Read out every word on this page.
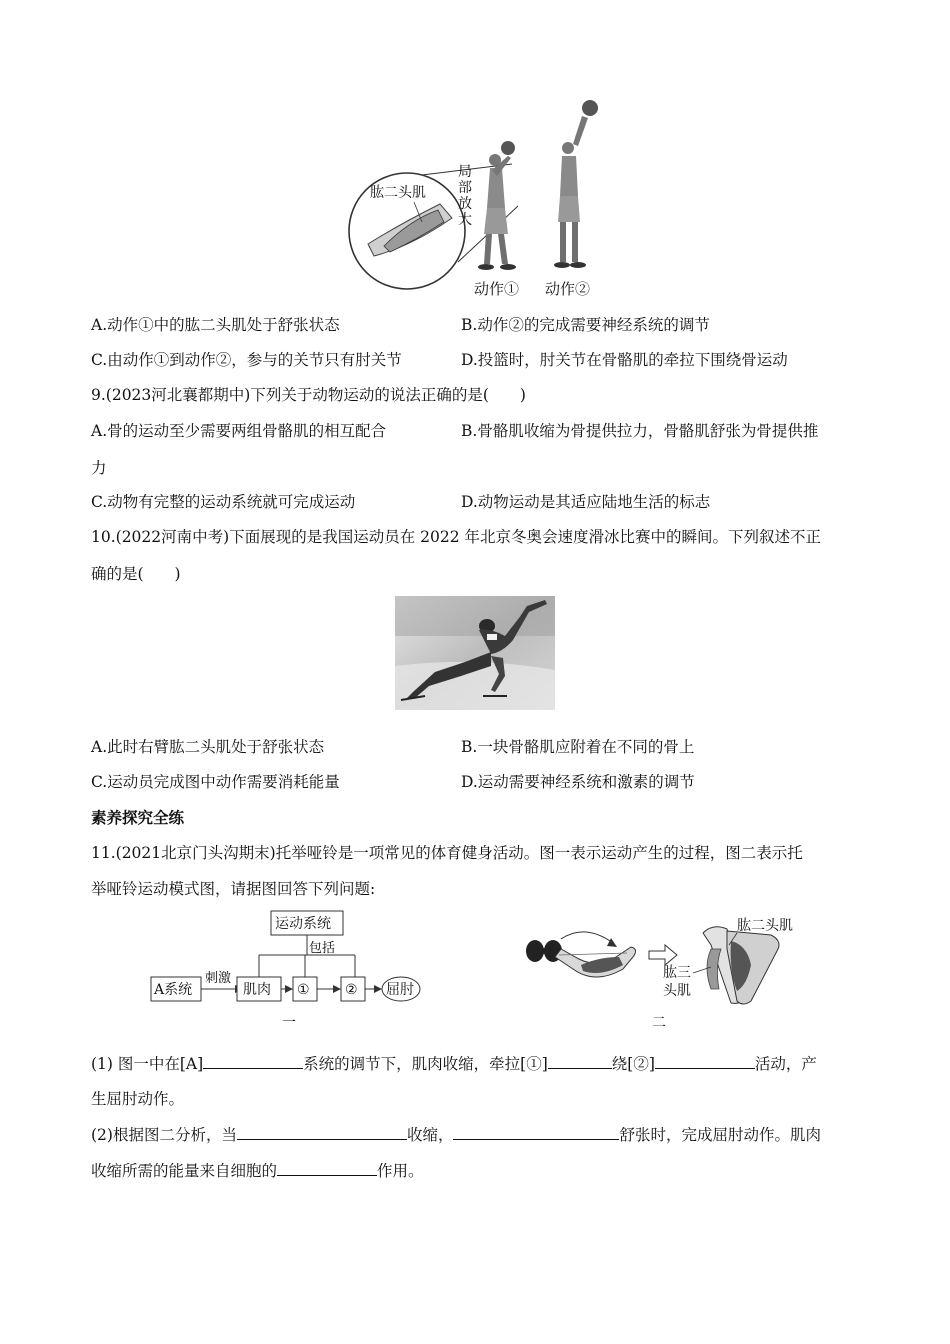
肱二头肌
局
部
放
大
动作① 动作②
A.动作①中的肱二头肌处于舒张状态	B.动作②的完成需要神经系统的调节
C.由动作①到动作②，参与的关节只有肘关节	D.投篮时，肘关节在骨骼肌的牵拉下围绕骨运动
9.(2023河北襄都期中)下列关于动物运动的说法正确的是(　　)
A.骨的运动至少需要两组骨骼肌的相互配合	B.骨骼肌收缩为骨提供拉力，骨骼肌舒张为骨提供推
力
C.动物有完整的运动系统就可完成运动	D.动物运动是其适应陆地生活的标志
10.(2022河南中考)下面展现的是我国运动员在 2022 年北京冬奥会速度滑冰比赛中的瞬间。下列叙述不正
确的是(　　)
A.此时右臂肱二头肌处于舒张状态	B.一块骨骼肌应附着在不同的骨上
C.运动员完成图中动作需要消耗能量	D.运动需要神经系统和激素的调节
素养探究全练
11.(2021北京门头沟期末)托举哑铃是一项常见的体育健身活动。图一表示运动产生的过程，图二表示托
举哑铃运动模式图，请据图回答下列问题:
运动系统
包括
A系统
刺激
肌肉 ①	② 屈肘
一
肱二头肌
肱三
头肌
二
(1) 图一中在[A]	系统的调节下，肌肉收缩，牵拉[①]	绕[②]	活动，产
生屈肘动作。
(2)根据图二分析，当	收缩，	舒张时，完成屈肘动作。肌肉
收缩所需的能量来自细胞的	作用。
